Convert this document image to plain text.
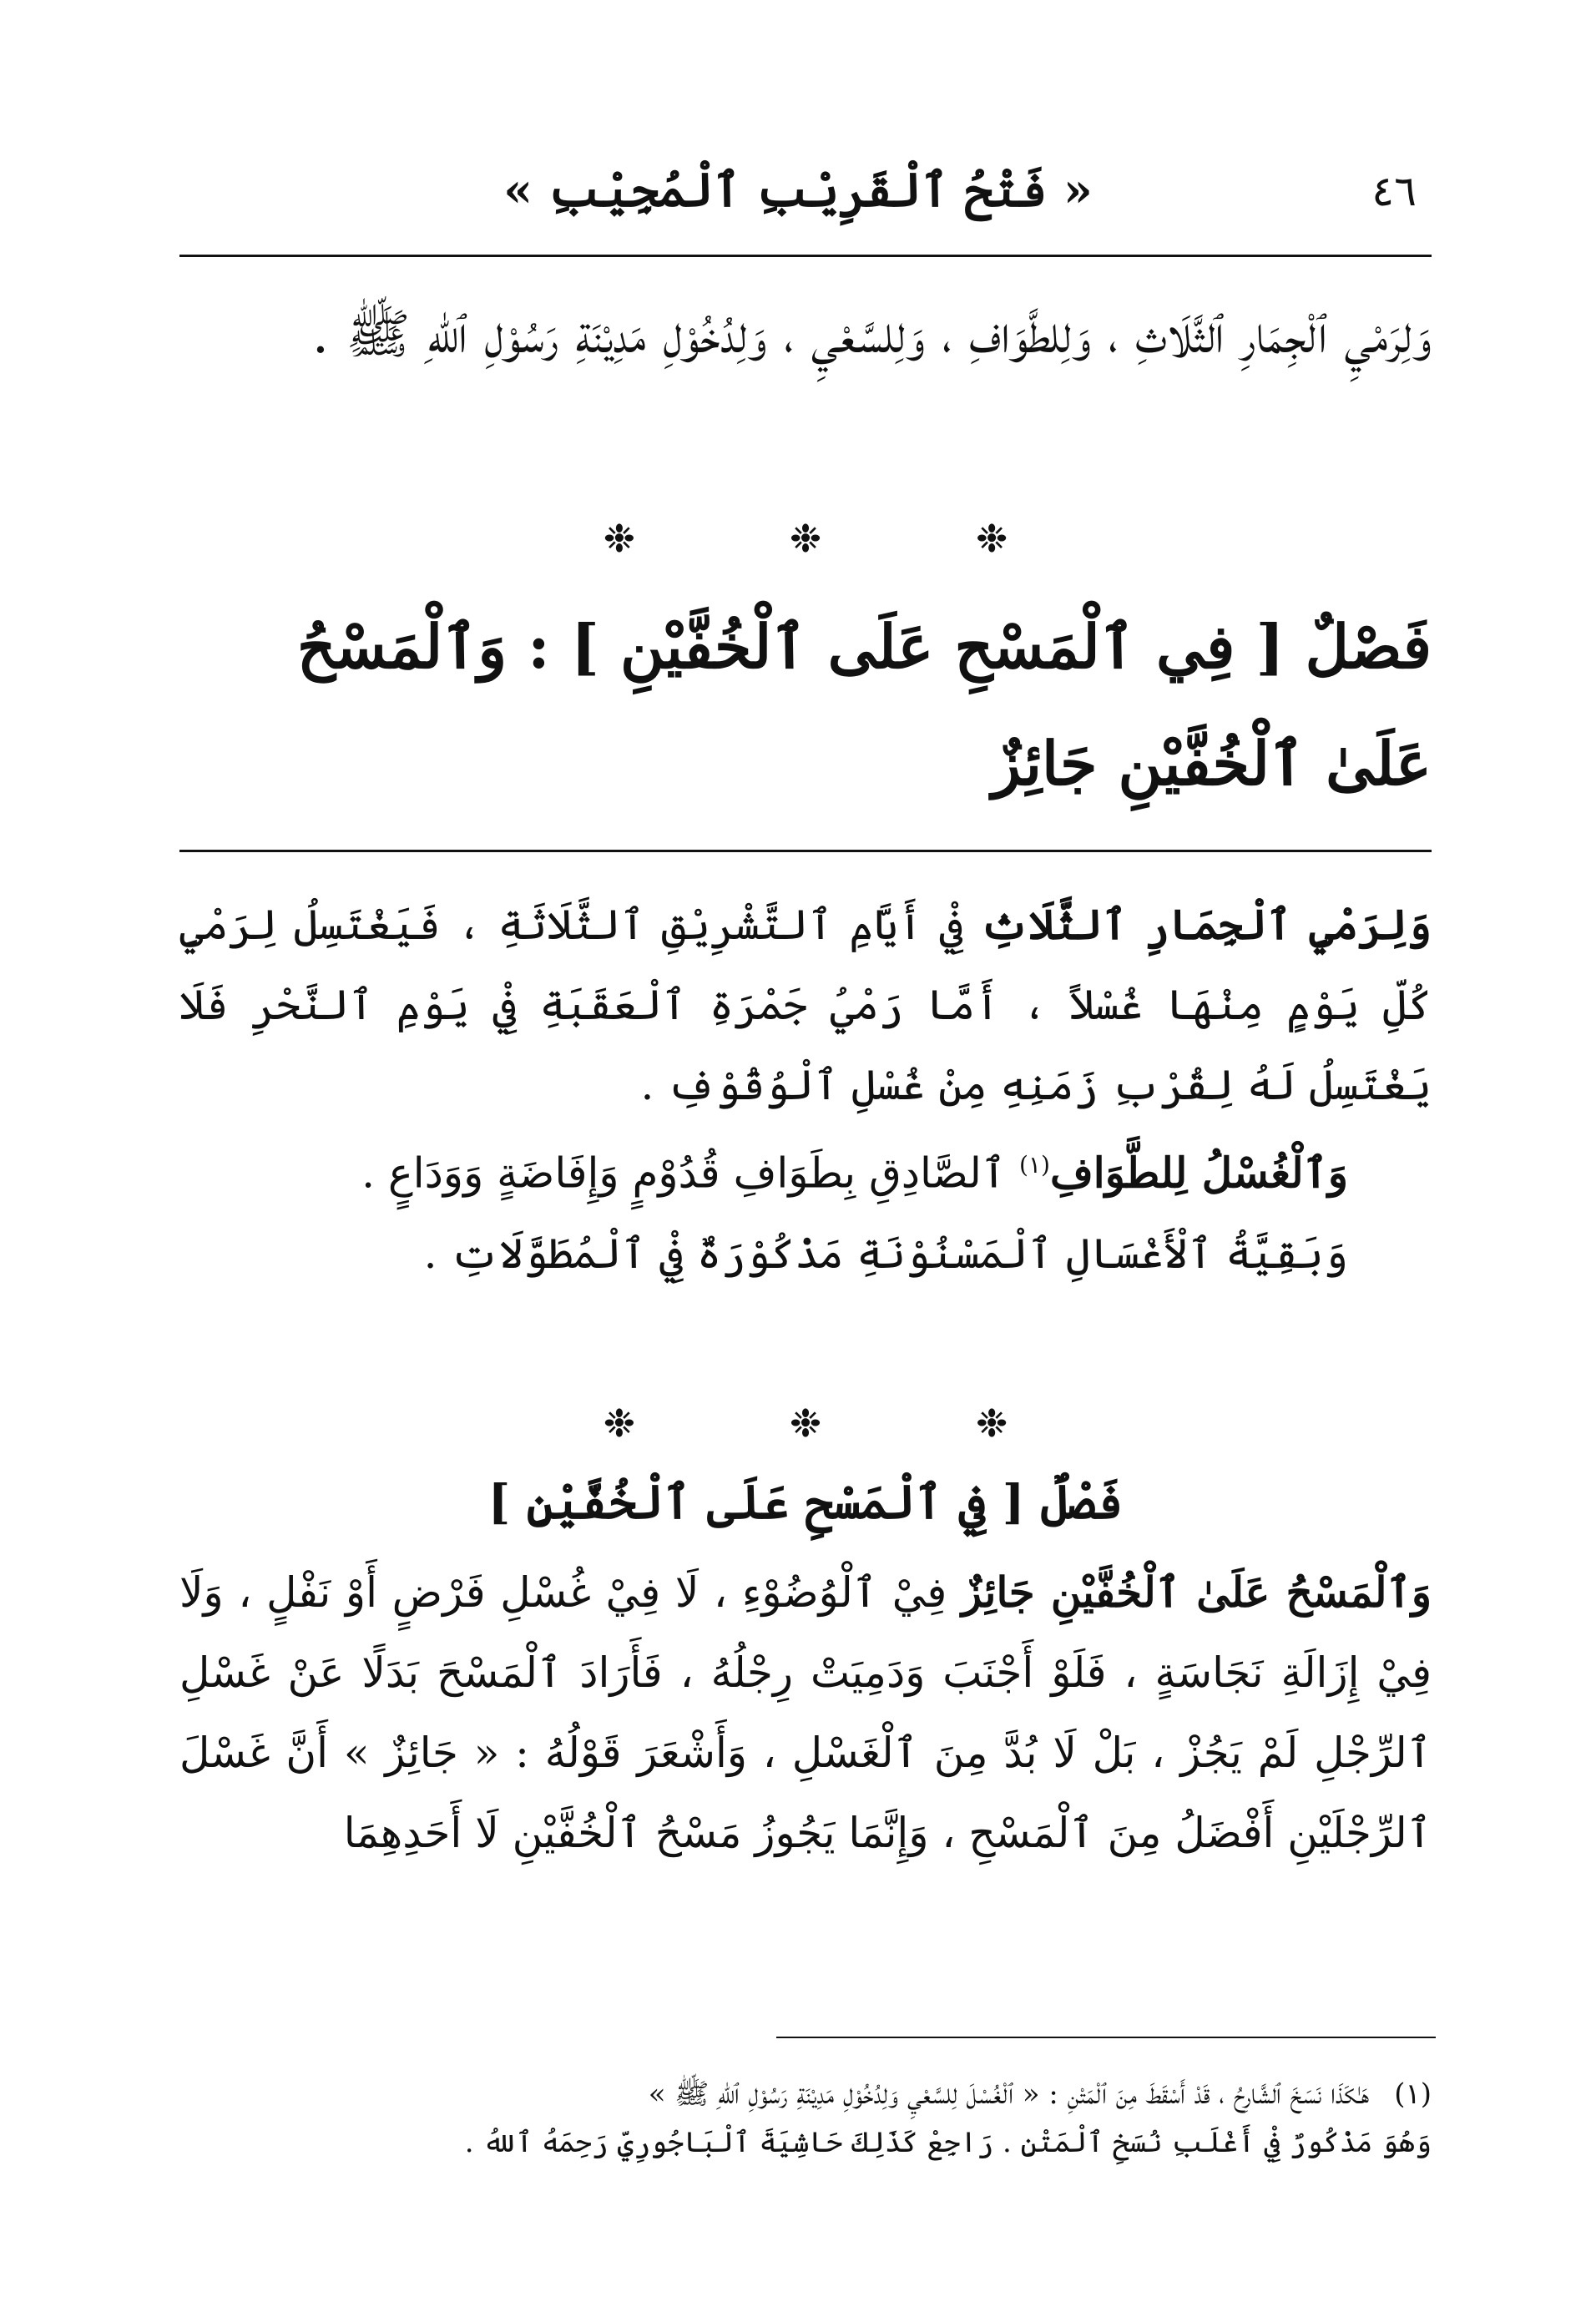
٤٦
« فَتْحُ ٱلْقَرِيْبِ ٱلْمُجِيْبِ »

وَلِرَمْيِ ٱلْجِمَارِ ٱلثَّلَاثِ ، وَلِلطَّوَافِ ، وَلِلسَّعْيِ ، وَلِدُخُوْلِ مَدِيْنَةِ رَسُوْلِ ٱللهِ ﷺ .

❉ ❉ ❉
فَصْلٌ [ فِي ٱلْمَسْحِ عَلَى ٱلْخُفَّيْنِ ] : وَٱلْمَسْحُ عَلَىٰ ٱلْخُفَّيْنِ جَائِزٌ

وَلِرَمْيِ ٱلْجِمَارِ ٱلثَّلَاثِ فِيْ أَيَّامِ ٱلتَّشْرِيْقِ ٱلثَّلَاثَةِ ، فَيَغْتَسِلُ لِرَمْيِ كُلِّ يَوْمٍ مِنْهَا غُسْلاً ، أَمَّا رَمْيُ جَمْرَةِ ٱلْعَقَبَةِ فِيْ يَوْمِ ٱلنَّحْرِ فَلَا يَغْتَسِلُ لَهُ لِقُرْبِ زَمَنِهِ مِنْ غُسْلِ ٱلْوُقُوْفِ .

وَٱلْغُسْلُ لِلطَّوَافِ$^{(١)}$ ٱلصَّادِقِ بِطَوَافِ قُدُوْمٍ وَإِفَاضَةٍ وَوَدَاعٍ .

وَبَقِيَّةُ ٱلْأَغْسَالِ ٱلْمَسْنُوْنَةِ مَذْكُوْرَةٌ فِيْ ٱلْمُطَوَّلَاتِ .

❉ ❉ ❉
فَصْلٌ [ فِي ٱلْمَسْحِ عَلَى ٱلْخُفَّيْنِ ]

وَٱلْمَسْحُ عَلَىٰ ٱلْخُفَّيْنِ جَائِزٌ فِيْ ٱلْوُضُوْءِ ، لَا فِيْ غُسْلِ فَرْضٍ أَوْ نَفْلٍ ، وَلَا فِيْ إِزَالَةِ نَجَاسَةٍ ، فَلَوْ أَجْنَبَ وَدَمِيَتْ رِجْلُهُ ، فَأَرَادَ ٱلْمَسْحَ بَدَلًا عَنْ غَسْلِ ٱلرِّجْلِ لَمْ يَجُزْ ، بَلْ لَا بُدَّ مِنَ ٱلْغَسْلِ ، وَأَشْعَرَ قَوْلُهُ : « جَائِزٌ » أَنَّ غَسْلَ ٱلرِّجْلَيْنِ أَفْضَلُ مِنَ ٱلْمَسْحِ ، وَإِنَّمَا يَجُوزُ مَسْحُ ٱلْخُفَّيْنِ لَا أَحَدِهِمَا

(١)هَـٰكَذَا نَسَخَ ٱلشَّارِحُ ، قَدْ أَسْقَطَ مِنَ ٱلْمَتْنِ : « ٱلْغُسْلَ لِلسَّعْيِ وَلِدُخُوْلِ مَدِيْنَةِ رَسُوْلِ ٱللهِ ﷺ »

وَهُوَ مَذْكُورٌ فِيْ أَغْلَبِ نُسَخِ ٱلْمَتْنِ . رَاجِعْ كَذَلِكَ حَاشِيَةَ ٱلْبَاجُورِيِّ رَحِمَهُ ٱللهُ .
